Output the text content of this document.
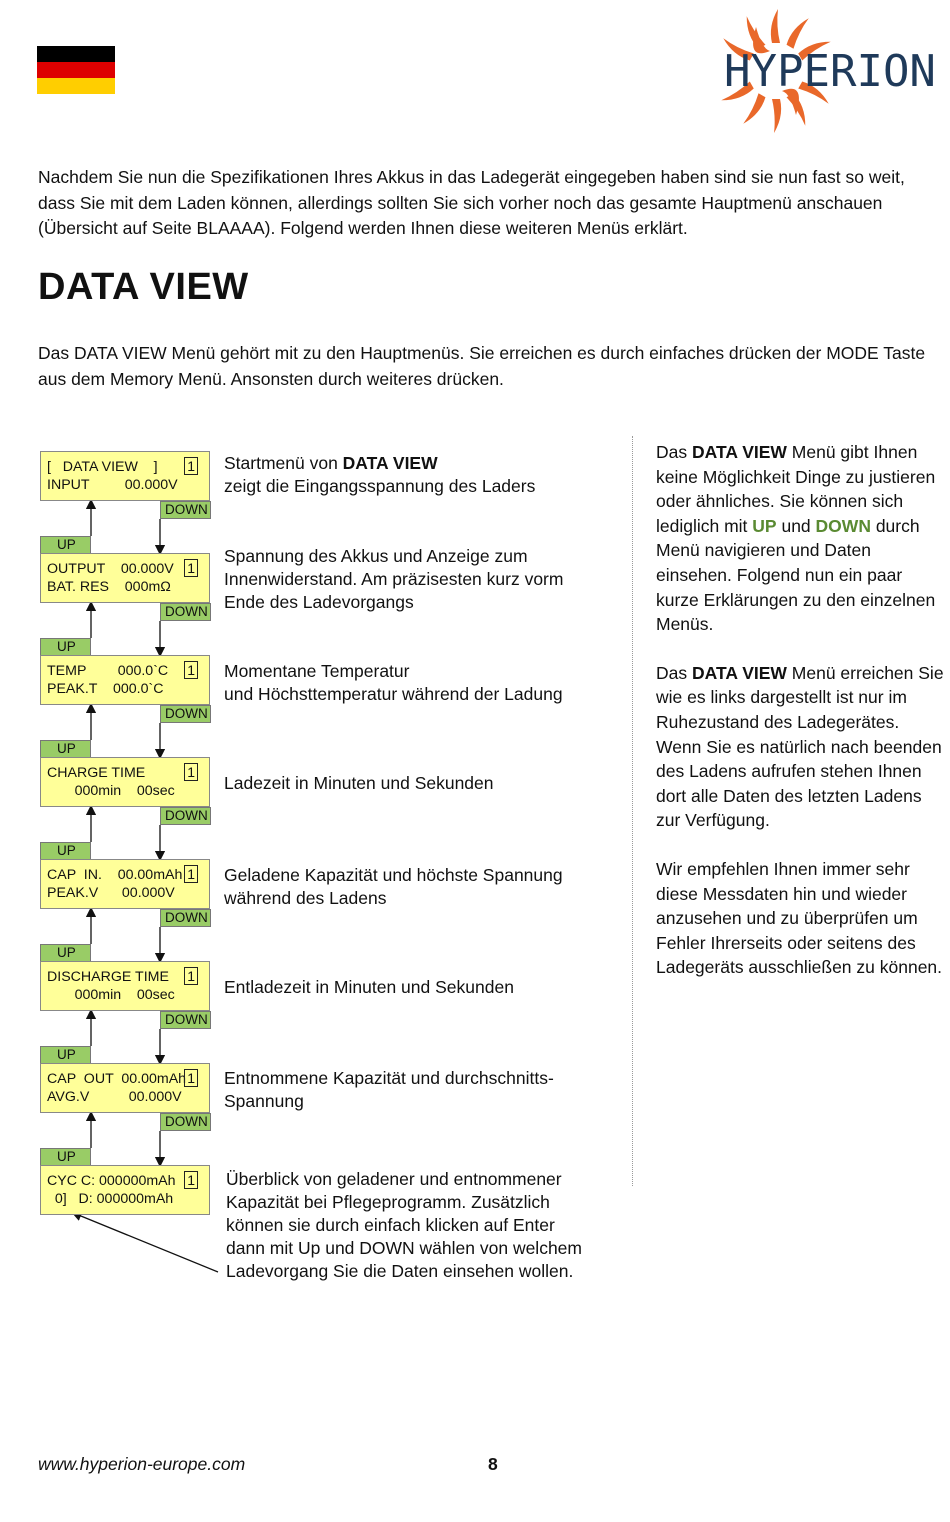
HYPERION
Nachdem Sie nun die Spezifikationen Ihres Akkus in das Ladegerät eingegeben haben sind sie nun fast so weit, dass Sie mit dem Laden können, allerdings sollten Sie sich vorher noch das gesamte Hauptmenü anschauen (Übersicht auf Seite BLAAAA). Folgend werden Ihnen diese weiteren Menüs erklärt.
DATA VIEW
Das DATA VIEW Menü gehört mit zu den Hauptmenüs. Sie erreichen es durch einfaches drücken der MODE Taste aus dem Memory Menü. Ansonsten durch weiteres drücken.
[   DATA VIEW    ]
INPUT         00.000V
1
DOWN
Startmenü von DATA VIEW
zeigt die Eingangsspannung des Laders
UP
OUTPUT    00.000V
BAT. RES    000mΩ
1
DOWN
Spannung des Akkus und Anzeige zum Innenwiderstand. Am präzisesten kurz vorm Ende des Ladevorgangs
UP
TEMP        000.0`C
PEAK.T    000.0`C
1
DOWN
Momentane Temperatur
und Höchsttemperatur während der Ladung
UP
CHARGE TIME
000min    00sec
1
DOWN
Ladezeit in Minuten und Sekunden
UP
CAP  IN.    00.00mAh
PEAK.V      00.000V
1
DOWN
Geladene Kapazität und höchste Spannung während des Ladens
UP
DISCHARGE TIME
000min    00sec
1
DOWN
Entladezeit in Minuten und Sekunden
UP
CAP  OUT  00.00mAh
AVG.V          00.000V
1
DOWN
Entnommene Kapazität und durchschnitts-Spannung
UP
CYC C: 000000mAh
0]   D: 000000mAh
1 Überblick von geladener und entnommener Kapazität bei Pflegeprogramm. Zusätzlich können sie durch einfach klicken auf Enter dann mit Up und DOWN wählen von welchem Ladevorgang Sie die Daten einsehen wollen.

Das DATA VIEW Menü gibt Ihnen keine Möglichkeit Dinge zu justieren oder ähnliches. Sie können sich lediglich mit UP und DOWN durch Menü navigieren und Daten einsehen. Folgend nun ein paar kurze Erklärungen zu den einzelnen Menüs.

Das DATA VIEW Menü erreichen Sie wie es links dargestellt ist nur im Ruhezustand des Ladegerätes. Wenn Sie es natürlich nach beenden des Ladens aufrufen stehen Ihnen dort alle Daten des letzten Ladens zur Verfügung.

Wir empfehlen Ihnen immer sehr diese Messdaten hin und wieder anzusehen und zu überprüfen um Fehler Ihrerseits oder seitens des Ladegeräts ausschließen zu können.

www.hyperion-europe.com	8
